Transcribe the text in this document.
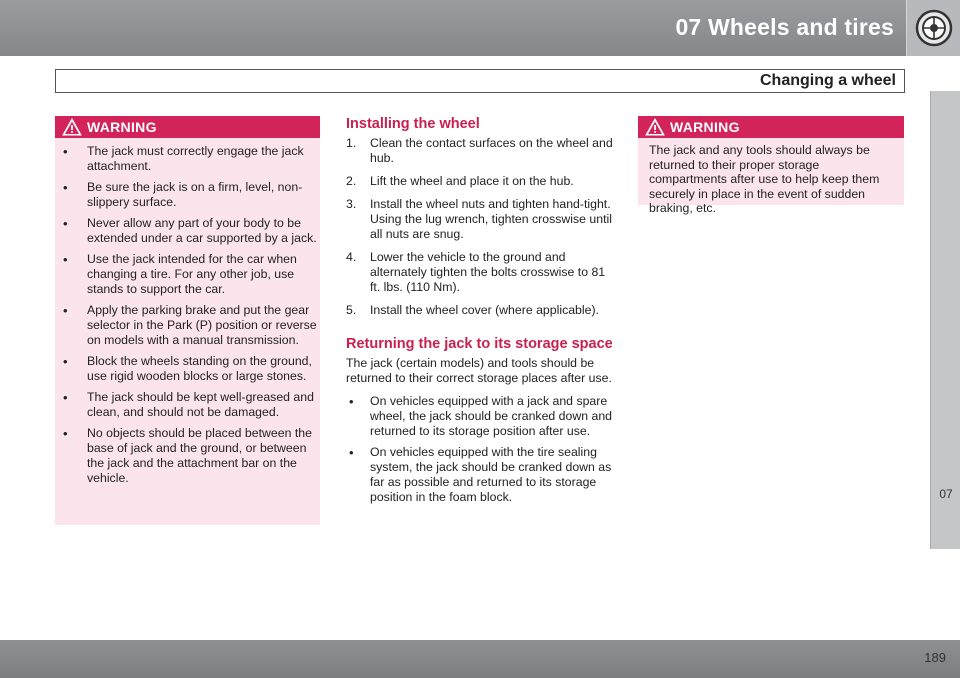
07 Wheels and tires
Changing a wheel
07
WARNING
• The jack must correctly engage the jack attachment.
• Be sure the jack is on a firm, level, non-slippery surface.
• Never allow any part of your body to be extended under a car supported by a jack.
• Use the jack intended for the car when changing a tire. For any other job, use stands to support the car.
• Apply the parking brake and put the gear selector in the Park (P) position or reverse on models with a manual transmission.
• Block the wheels standing on the ground, use rigid wooden blocks or large stones.
• The jack should be kept well-greased and clean, and should not be damaged.
• No objects should be placed between the base of jack and the ground, or between the jack and the attachment bar on the vehicle.
Installing the wheel
1. Clean the contact surfaces on the wheel and hub.
2. Lift the wheel and place it on the hub.
3. Install the wheel nuts and tighten hand-tight. Using the lug wrench, tighten crosswise until all nuts are snug.
4. Lower the vehicle to the ground and alternately tighten the bolts crosswise to 81 ft. lbs. (110 Nm).
5. Install the wheel cover (where applicable).
Returning the jack to its storage space

The jack (certain models) and tools should be returned to their correct storage places after use.

• On vehicles equipped with a jack and spare wheel, the jack should be cranked down and returned to its storage position after use.
• On vehicles equipped with the tire sealing system, the jack should be cranked down as far as possible and returned to its storage position in the foam block.
WARNING
The jack and any tools should always be returned to their proper storage compartments after use to help keep them securely in place in the event of sudden braking, etc.
189
